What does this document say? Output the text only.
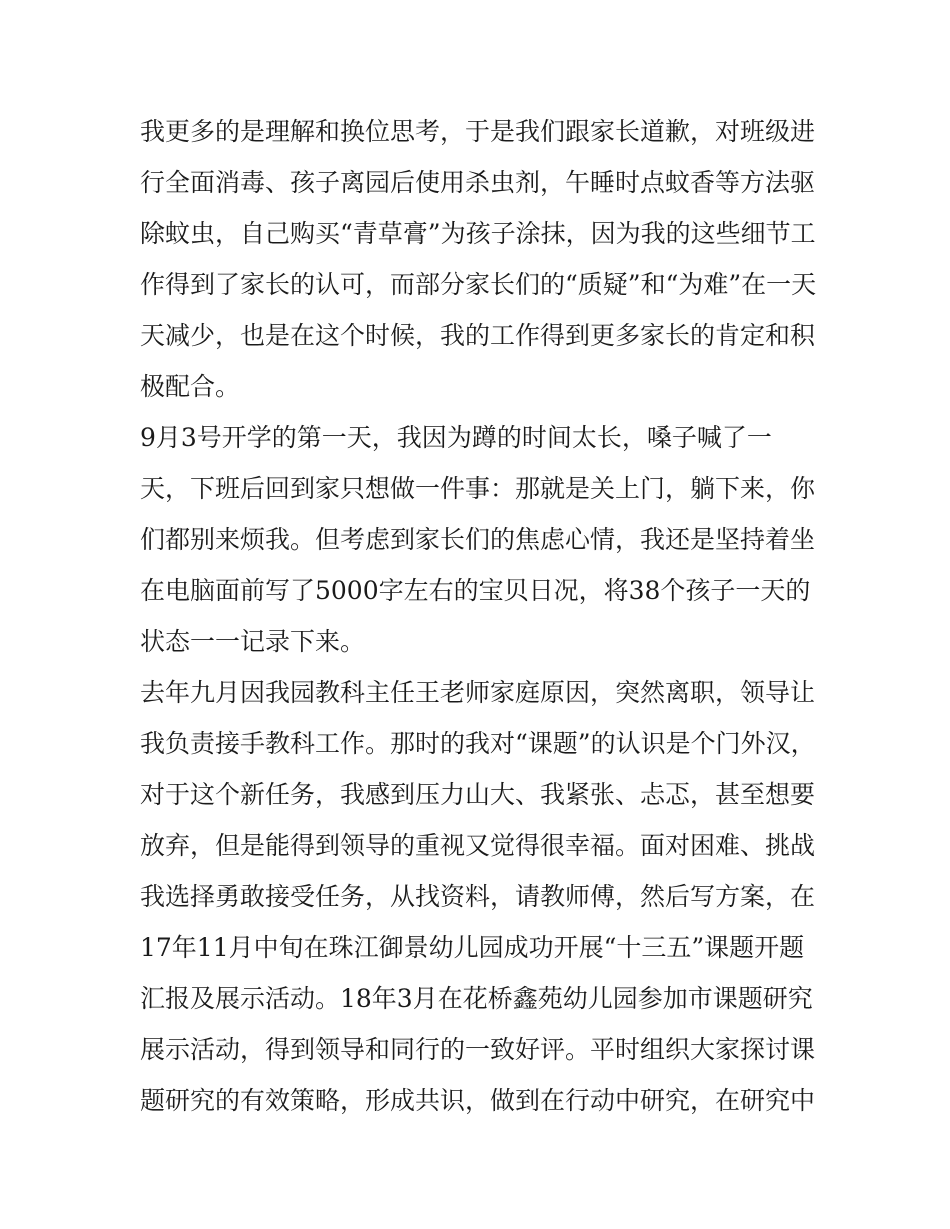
我更多的是理解和换位思考，于是我们跟家长道歉，对班级进
行全面消毒、孩子离园后使用杀虫剂，午睡时点蚊香等方法驱
除蚊虫，自己购买“青草膏”为孩子涂抹，因为我的这些细节工
作得到了家长的认可，而部分家长们的“质疑”和“为难”在一天
天减少，也是在这个时候，我的工作得到更多家长的肯定和积
极配合。
9月3号开学的第一天，我因为蹲的时间太长，嗓子喊了一
天，下班后回到家只想做一件事：那就是关上门，躺下来，你
们都别来烦我。但考虑到家长们的焦虑心情，我还是坚持着坐
在电脑面前写了5000字左右的宝贝日况，将38个孩子一天的
状态一一记录下来。
去年九月因我园教科主任王老师家庭原因，突然离职，领导让
我负责接手教科工作。那时的我对“课题”的认识是个门外汉，
对于这个新任务，我感到压力山大、我紧张、忐忑，甚至想要
放弃，但是能得到领导的重视又觉得很幸福。面对困难、挑战
我选择勇敢接受任务，从找资料，请教师傅，然后写方案，在
17年11月中旬在珠江御景幼儿园成功开展“十三五”课题开题
汇报及展示活动。18年3月在花桥鑫苑幼儿园参加市课题研究
展示活动，得到领导和同行的一致好评。平时组织大家探讨课
题研究的有效策略，形成共识，做到在行动中研究，在研究中
